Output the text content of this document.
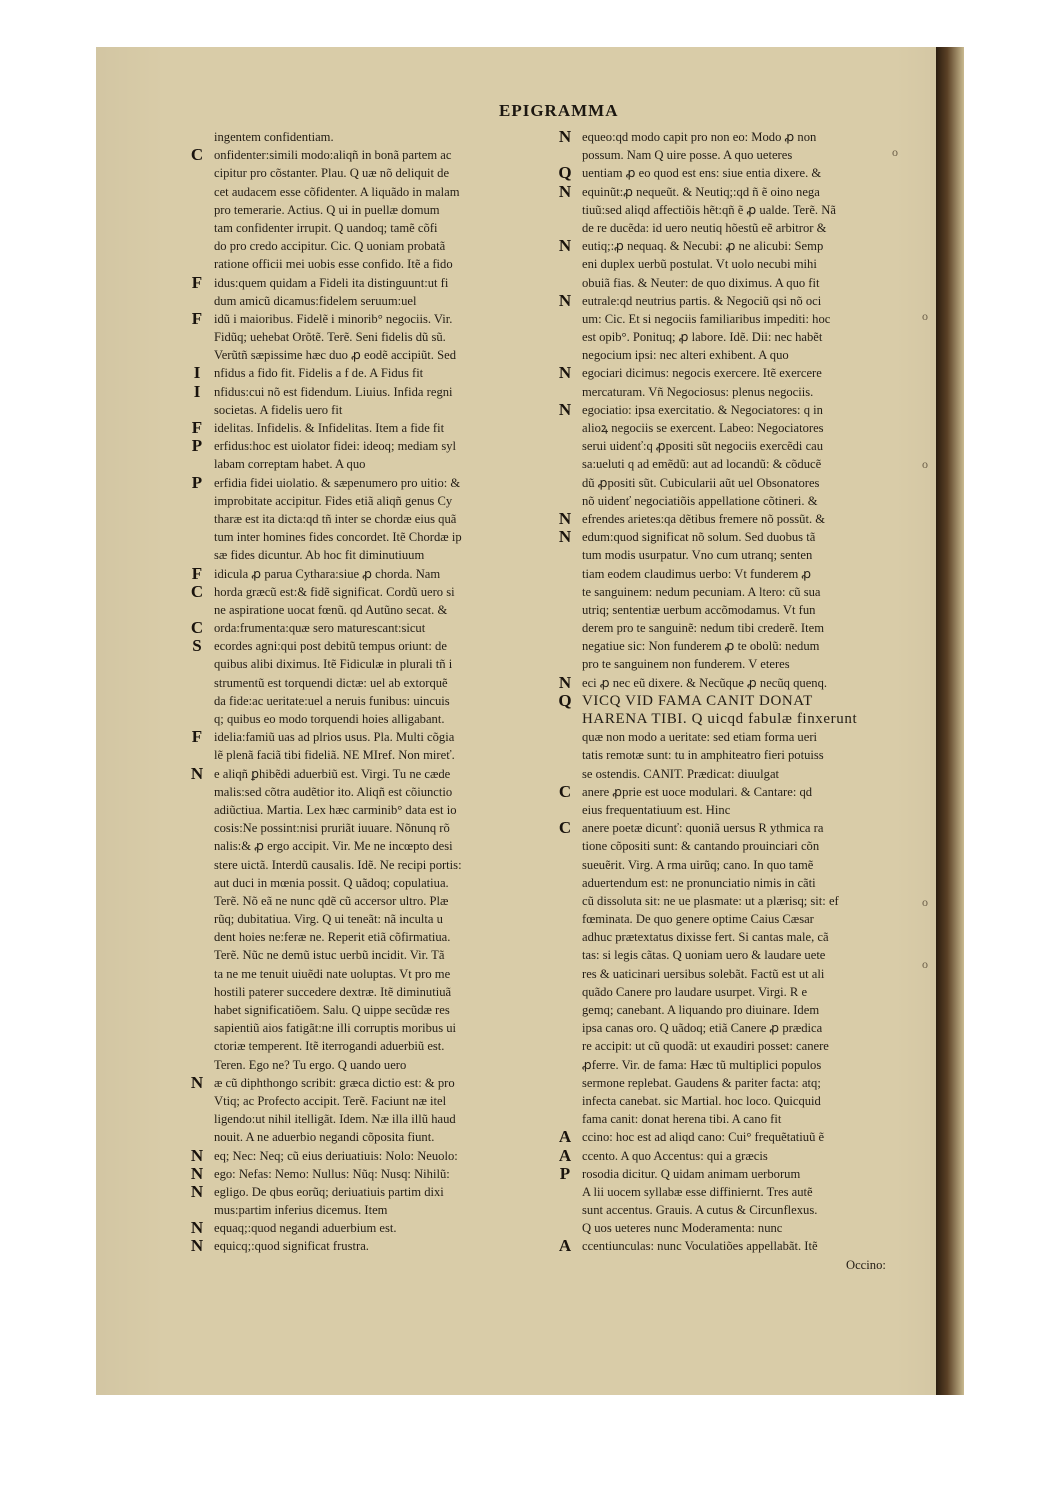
o
o
o
o
o
EPIGRAMMA
ingentem confidentiam.
C onfidenter:simili modo:aliqñ in bonã partem ac
cipitur pro cõstanter. Plau. Q uæ nõ deliquit de
cet audacem esse cõfidenter. A liquãdo in malam
pro temerarie. Actius. Q ui in puellæ domum
tam confidenter irrupit. Q uandoq; tamẽ cõfi
do pro credo accipitur. Cic. Q uoniam probatã
ratione officii mei uobis esse confido. Itẽ a fido
F idus:quem quidam a Fideli ita distinguunt:ut fi
dum amicũ dicamus:fidelem seruum:uel
F idũ i maioribus. Fidelẽ i minorib° negociis. Vir.
Fidũq; uehebat Orõtẽ. Terẽ. Seni fidelis dũ sũ.
Verũtñ sæpissime hæc duo ꝓ eodẽ accipiũt. Sed
I	nfidus a fido fit. Fidelis a f de. A Fidus fit
I	nfidus:cui nõ est fidendum. Liuius. Infida regni
societas. A fidelis uero fit
F idelitas. Infidelis. & Infidelitas. Item a fide fit
P erfidus:hoc est uiolator fidei: ideoq; mediam syl
labam correptam habet. A quo
P erfidia fidei uiolatio. & sæpenumero pro uitio: &
improbitate accipitur. Fides etiã aliqñ genus Cy
tharæ est ita dicta:qd tñ inter se chordæ eius quã
tum inter homines fides concordet. Itẽ Chordæ ip
sæ fides dicuntur. Ab hoc fit diminutiuum
F idicula ꝓ parua Cythara:siue ꝓ chorda. Nam
C horda græcũ est:& fidẽ significat. Cordũ uero si
ne aspiratione uocat fœnũ. qd Autũno secat. &
C orda:frumenta:quæ sero maturescant:sicut
S ecordes agni:qui post debitũ tempus oriunt: de
quibus alibi diximus. Itẽ Fidiculæ in plurali tñ i
strumentũ est torquendi dictæ: uel ab extorquẽ
da fide:ac ueritate:uel a neruis funibus: uincuis
q; quibus eo modo torquendi hoies alligabant.
F idelia:famiũ uas ad plrios usus. Pla. Multi cõgia
lẽ plenã faciã tibi fideliã. NE MIref. Non mireť.
N e aliqñ ꝑhibẽdi aduerbiũ est. Virgi. Tu ne cæde
malis:sed cõtra audẽtior ito. Aliqñ est cõiunctio
adiũctiua. Martia. Lex hæc carminib° data est io
cosis:Ne possint:nisi pruriãt iuuare. Nõnunq rõ
nalis:& ꝓ ergo accipit. Vir. Me ne incœpto desi
stere uictã. Interdũ causalis. Idẽ. Ne recipi portis:
aut duci in mœnia possit. Q uãdoq; copulatiua.
Terẽ. Nõ eã ne nunc qdẽ cũ accersor ultro. Plæ
rũq; dubitatiua. Virg. Q ui teneãt: nã inculta u
dent hoies ne:feræ ne. Reperit etiã cõfirmatiua.
Terẽ. Nũc ne demũ istuc uerbũ incidit. Vir. Tã
ta ne me tenuit uiuẽdi nate uoluptas. Vt pro me
hostili paterer succedere dextræ. Itẽ diminutiuã
habet significatiõem. Salu. Q uippe secũdæ res
sapientiũ aios fatigãt:ne illi corruptis moribus ui
ctoriæ temperent. Itẽ iterrogandi aduerbiũ est.
Teren. Ego ne? Tu ergo. Q uando uero
N æ cũ diphthongo scribit: græca dictio est: & pro
Vtiq; ac Profecto accipit. Terẽ. Faciunt næ itel
ligendo:ut nihil itelligãt. Idem. Næ illa illũ haud
nouit. A ne aduerbio negandi cõposita fiunt.
N eq; Nec: Neq; cũ eius deriuatiuis: Nolo: Neuolo:
N ego: Nefas: Nemo: Nullus: Nũq: Nusq: Nihilũ:
N egligo. De qbus eorũq; deriuatiuis partim dixi
mus:partim inferius dicemus. Item
N equaq;:quod negandi aduerbium est.
N equicq;:quod significat frustra.
N equeo:qd modo capit pro non eo: Modo ꝓ non
possum. Nam Q uire posse. A quo ueteres
Q uentiam ꝓ eo quod est ens: siue entia dixere. &
N equinũt:ꝓ nequeũt. & Neutiq;:qd ñ ẽ oino nega
tiuũ:sed aliqd affectiõis hẽt:qñ ẽ ꝓ ualde. Terẽ. Nã
de re ducẽda: id uero neutiq hõestũ eẽ arbitror &
N eutiq;:ꝓ nequaq. & Necubi: ꝓ ne alicubi: Semp
eni duplex uerbũ postulat. Vt uolo necubi mihi
obuiã fias. & Neuter: de quo diximus. A quo fit
N eutrale:qd neutrius partis. & Negociũ qsi nõ oci
um: Cic. Et si negociis familiaribus impediti: hoc
est opib°. Ponituq; ꝓ labore. Idẽ. Dii: nec habẽt
negocium ipsi: nec alteri exhibent. A quo
N egociari dicimus: negocis exercere. Itẽ exercere
mercaturam. Vñ Negociosus: plenus negociis.
N egociatio: ipsa exercitatio. & Negociatores: q in
alioꝝ negociis se exercent. Labeo: Negociatores
serui uidenť:q ꝓpositi sũt negociis exercẽdi cau
sa:ueluti q ad emẽdũ: aut ad locandũ: & cõducẽ
dũ ꝓpositi sũt. Cubicularii aũt uel Obsonatores
nõ uidenť negociatiõis appellatione cõtineri. &
N efrendes arietes:qa dẽtibus fremere nõ possũt. &
N edum:quod significat nõ solum. Sed duobus tã
tum modis usurpatur. Vno cum utranq; senten
tiam eodem claudimus uerbo: Vt funderem ꝓ
te sanguinem: nedum pecuniam. A ltero: cũ sua
utriq; sententiæ uerbum accõmodamus. Vt fun
derem pro te sanguinẽ: nedum tibi crederẽ. Item
negatiue sic: Non funderem ꝓ te obolũ: nedum
pro te sanguinem non funderem. V eteres
N eci ꝓ nec eũ dixere. & Necũque ꝓ necũq quenq.
Q VICQ VID FAMA CANIT DONAT
HARENA TIBI. Q uicqd fabulæ finxerunt
quæ non modo a ueritate: sed etiam forma ueri
tatis remotæ sunt: tu in amphiteatro fieri potuiss
se ostendis. CANIT. Prædicat: diuulgat
C anere ꝓprie est uoce modulari. & Cantare: qd
eius frequentatiuum est. Hinc
C anere poetæ dicunť: quoniã uersus R ythmica ra
tione cõpositi sunt: & cantando prouinciari cõn
sueuẽrit. Virg. A rma uirũq; cano. In quo tamẽ
aduertendum est: ne pronunciatio nimis in cãti
cũ dissoluta sit: ne ue plasmate: ut a plærisq; sit: ef
fœminata. De quo genere optime Caius Cæsar
adhuc prætextatus dixisse fert. Si cantas male, cã
tas: si legis cãtas. Q uoniam uero & laudare uete
res & uaticinari uersibus solebãt. Factũ est ut ali
quãdo Canere pro laudare usurpet. Virgi. R e
gemq; canebant. A liquando pro diuinare. Idem
ipsa canas oro. Q uãdoq; etiã Canere ꝓ prædica
re accipit: ut cũ quodã: ut exaudiri posset: canere
ꝓferre. Vir. de fama: Hæc tũ multiplici populos
sermone replebat. Gaudens & pariter facta: atq;
infecta canebat. sic Martial. hoc loco. Quicquid
fama canit: donat herena tibi. A cano fit
A ccino: hoc est ad aliqd cano: Cui° frequẽtatiuũ ẽ
A ccento. A quo Accentus: qui a græcis
P rosodia dicitur. Q uidam animam uerborum
A lii uocem syllabæ esse diffiniernt. Tres autẽ
sunt accentus. Grauis. A cutus & Circunflexus.
Q uos ueteres nunc Moderamenta: nunc
A ccentiunculas: nunc Voculatiões appellabãt. Itẽ
Occino:
